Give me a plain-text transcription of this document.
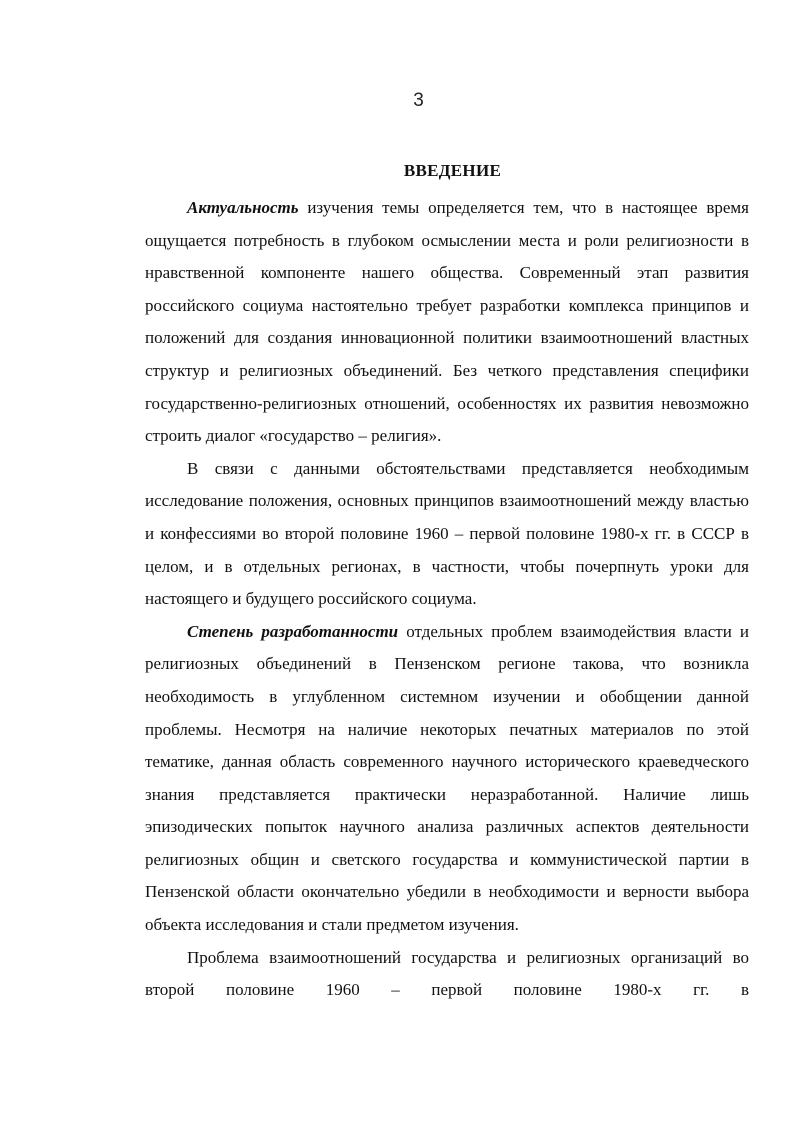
3
ВВЕДЕНИЕ

Актуальность изучения темы определяется тем, что в настоящее время ощущается потребность в глубоком осмыслении места и роли религиозности в нравственной компоненте нашего общества. Современный этап развития российского социума настоятельно требует разработки комплекса принципов и положений для создания инновационной политики взаимоотношений властных структур и религиозных объединений. Без четкого представления специфики государственно-религиозных отношений, особенностях их развития невозможно строить диалог «государство – религия».

В связи с данными обстоятельствами представляется необходимым исследование положения, основных принципов взаимоотношений между властью и конфессиями во второй половине 1960 – первой половине 1980-х гг. в СССР в целом, и в отдельных регионах, в частности, чтобы почерпнуть уроки для настоящего и будущего российского социума.

Степень разработанности отдельных проблем взаимодействия власти и религиозных объединений в Пензенском регионе такова, что возникла необходимость в углубленном системном изучении и обобщении данной проблемы. Несмотря на наличие некоторых печатных материалов по этой тематике, данная область современного научного исторического краеведческого знания представляется практически неразработанной. Наличие лишь эпизодических попыток научного анализа различных аспектов деятельности религиозных общин и светского государства и коммунистической партии в Пензенской области окончательно убедили в необходимости и верности выбора объекта исследования и стали предметом изучения.

Проблема взаимоотношений государства и религиозных организаций во второй половине 1960 – первой половине 1980-х гг. в
